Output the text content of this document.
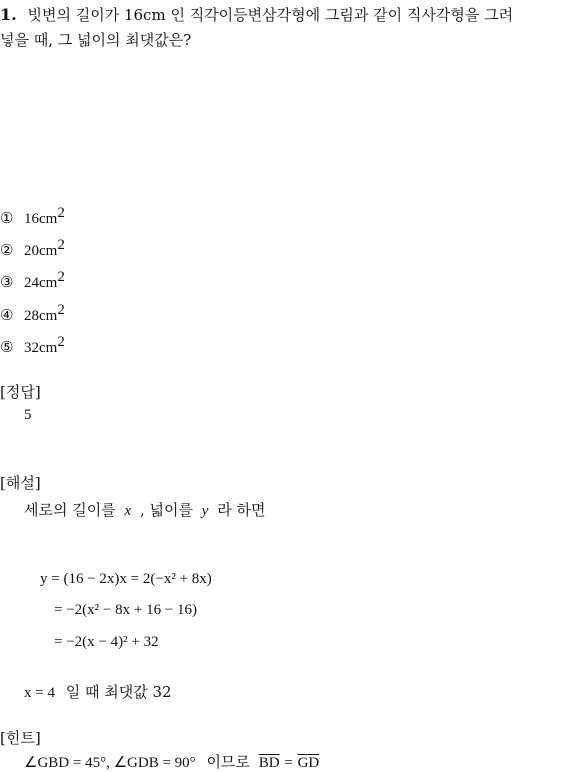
1. 빗변의 길이가 16cm 인 직각이등변삼각형에 그림과 같이 직사각형을 그려
넣을 때, 그 넓이의 최댓값은?
① $16cm^2$
② $20cm^2$
③ $24cm^2$
④ $28cm^2$
⑤ $32cm^2$
[정답]
5
[해설]
세로의 길이를 x , 넓이를 y 라 하면
y = (16 − 2x)x = 2(−x² + 8x)
= −2(x² − 8x + 16 − 16)
= −2(x − 4)² + 32
x = 4 일 때 최댓값 32
[힌트]
∠GBD = 45°, ∠GDB = 90° 이므로 $\overline{BD} = \overline{GD}$
